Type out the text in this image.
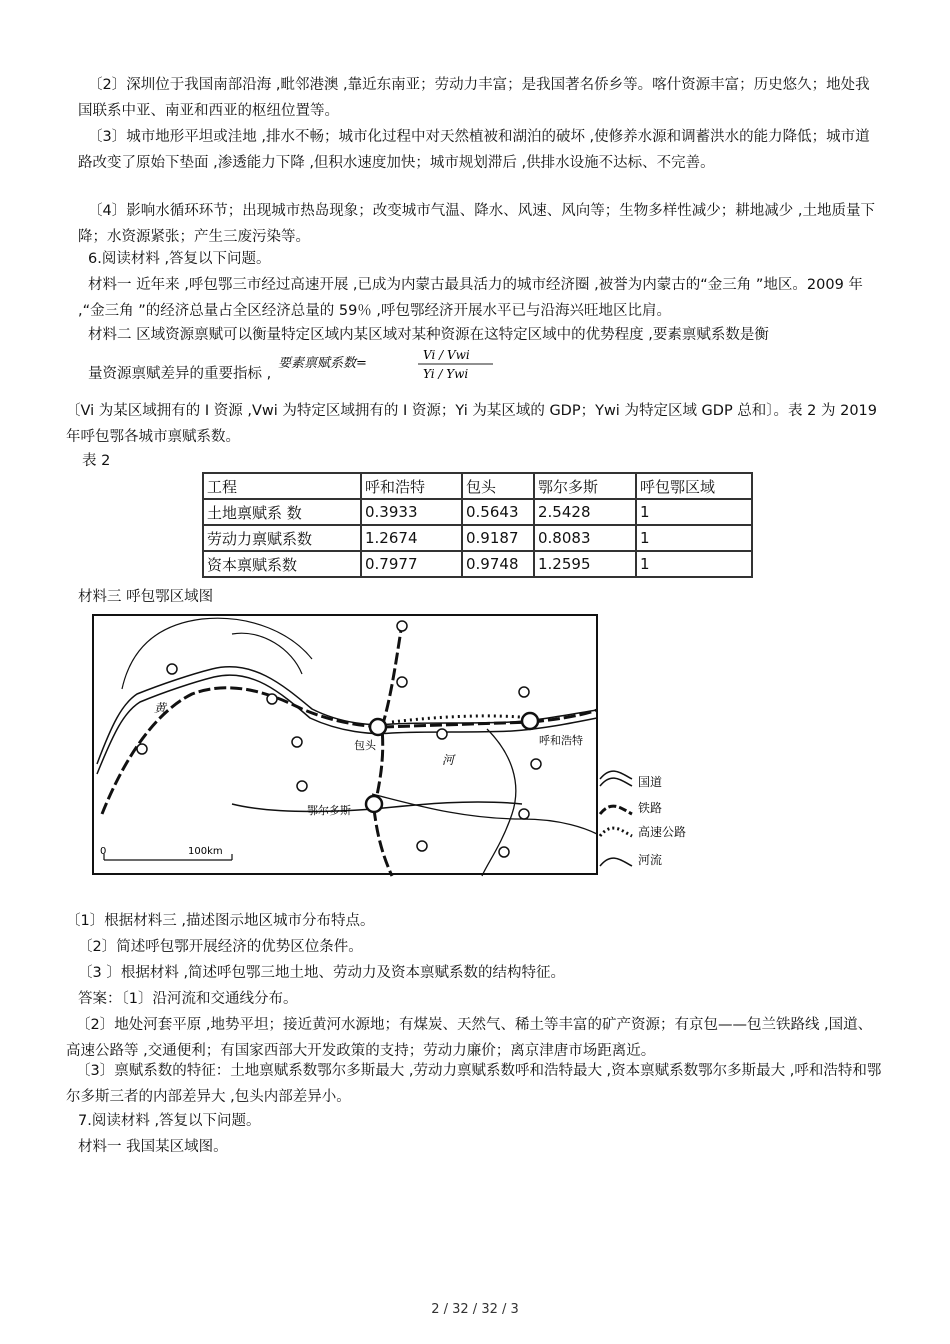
〔2〕深圳位于我国南部沿海 ,毗邻港澳 ,靠近东南亚；劳动力丰富；是我国著名侨乡等。喀什资源丰富；历史悠久；地处我国联系中亚、南亚和西亚的枢纽位置等。

〔3〕城市地形平坦或洼地 ,排水不畅；城市化过程中对天然植被和湖泊的破坏 ,使修养水源和调蓄洪水的能力降低；城市道路改变了原始下垫面 ,渗透能力下降 ,但积水速度加快；城市规划滞后 ,供排水设施不达标、不完善。

〔4〕影响水循环环节；出现城市热岛现象；改变城市气温、降水、风速、风向等；生物多样性减少；耕地减少 ,土地质量下降；水资源紧张；产生三废污染等。

6.阅读材料 ,答复以下问题。

材料一 近年来 ,呼包鄂三市经过高速开展 ,已成为内蒙古最具活力的城市经济圈 ,被誉为内蒙古的“金三角 ”地区。2009 年 ,“金三角 ”的经济总量占全区经济总量的 59％ ,呼包鄂经济开展水平已与沿海兴旺地区比肩。

材料二 区域资源禀赋可以衡量特定区域内某区域对某种资源在这特定区域中的优势程度 ,要素禀赋系数是衡

量资源禀赋差异的重要指标 ,

要素禀赋系数=
Vi / Vwi
Yi / Ywi

〔Vi 为某区域拥有的 I 资源 ,Vwi 为特定区域拥有的 I 资源；Yi 为某区域的 GDP；Ywi 为特定区域 GDP 总和〕。表 2 为 2019 年呼包鄂各城市禀赋系数。

表 2

工程	呼和浩特	包头	鄂尔多斯	呼包鄂区域
土地禀赋系 数	0.3933	0.5643	2.5428	1
劳动力禀赋系数	1.2674	0.9187	0.8083	1
资本禀赋系数	0.7977	0.9748	1.2595	1

材料三 呼包鄂区域图

黄
河
包头	呼和浩特
鄂尔多斯
0	100km
国道
铁路
高速公路
河流

〔1〕根据材料三 ,描述图示地区城市分布特点。

〔2〕简述呼包鄂开展经济的优势区位条件。

〔3 〕根据材料 ,简述呼包鄂三地土地、劳动力及资本禀赋系数的结构特征。

答案：〔1〕沿河流和交通线分布。

〔2〕地处河套平原 ,地势平坦；接近黄河水源地；有煤炭、天然气、稀土等丰富的矿产资源；有京包——包兰铁路线 ,国道、高速公路等 ,交通便利；有国家西部大开发政策的支持；劳动力廉价；离京津唐市场距离近。

〔3〕禀赋系数的特征：土地禀赋系数鄂尔多斯最大 ,劳动力禀赋系数呼和浩特最大 ,资本禀赋系数鄂尔多斯最大 ,呼和浩特和鄂尔多斯三者的内部差异大 ,包头内部差异小。

7.阅读材料 ,答复以下问题。

材料一 我国某区域图。

2 / 32 / 32 / 3
